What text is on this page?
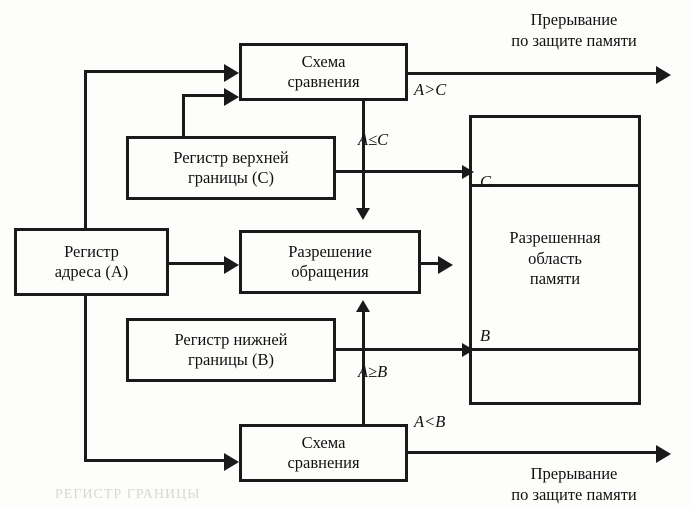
РЕГИСТР ГРАНИЦЫ
C
B
Разрешенная
область
памяти
Схема
сравнения
Регистр верхней
границы (C)
Регистр
адреса (A)
Разрешение
обращения
Регистр нижней
границы (B)
Схема
сравнения
A>C
A≤C
A≥B
A<B
Прерывание
по защите памяти
Прерывание
по защите памяти
